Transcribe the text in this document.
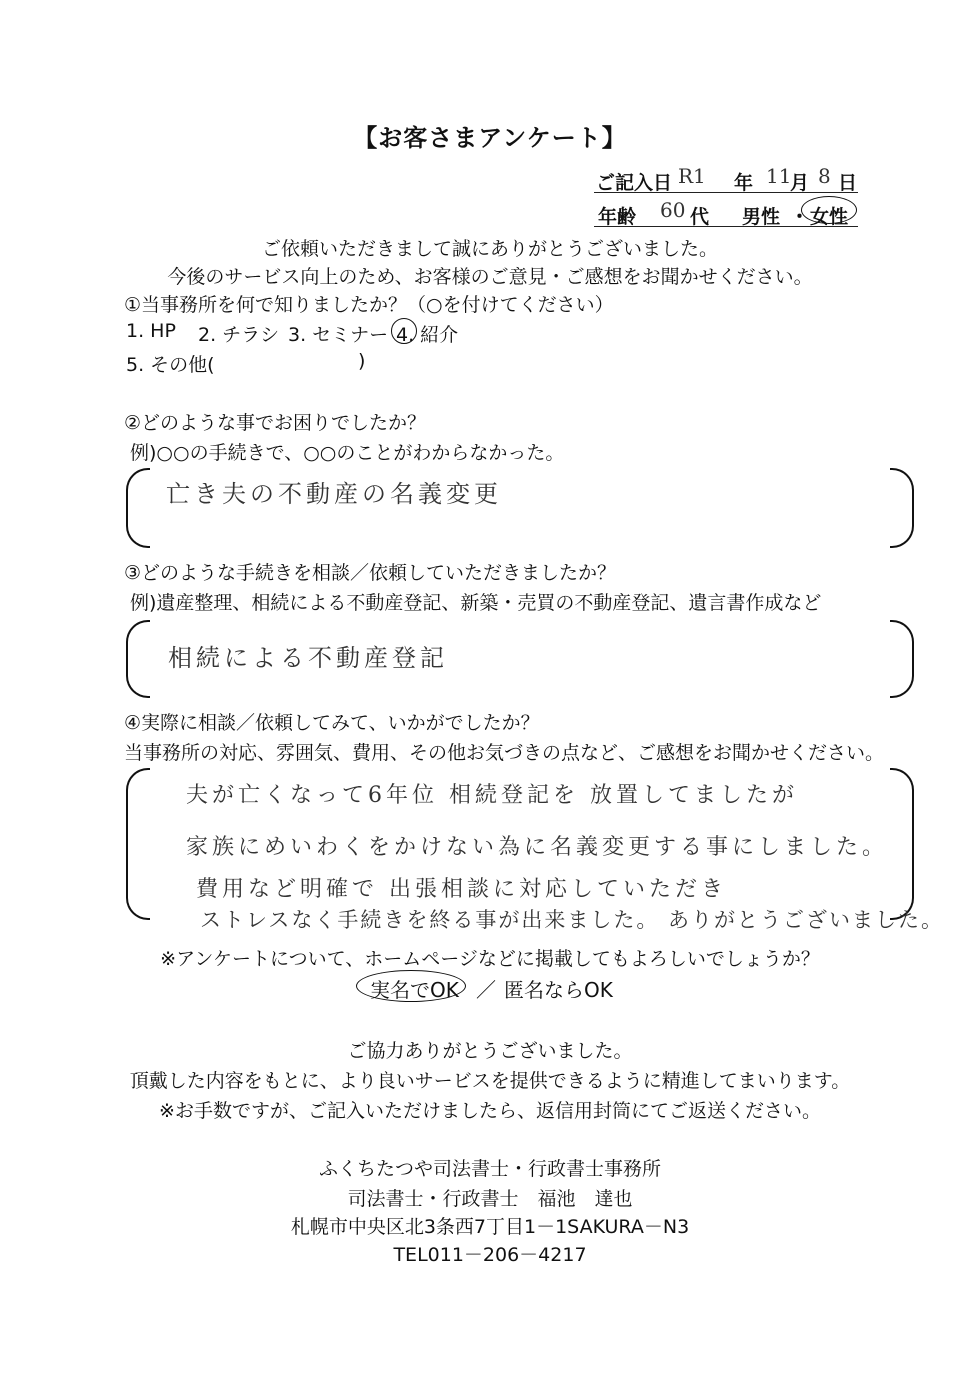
【お客さまアンケート】
ご記入日 R1 年 11
月 8 日
年齢 60 代 男性 ・ 女性
ご依頼いただきまして誠にありがとうございました。
今後のサービス向上のため、お客様のご意見・ご感想をお聞かせください。
①当事務所を何で知りましたか？（○を付けてください）
1. HP 2. チラシ 3. セミナー 4. 紹介
5. その他(	)
②どのような事でお困りでしたか？
例)○○の手続きで、○○のことがわからなかった。
亡き夫の不動産の名義変更
③どのような手続きを相談／依頼していただきましたか？
例)遺産整理、相続による不動産登記、新築・売買の不動産登記、遺言書作成など
相続による不動産登記
④実際に相談／依頼してみて、いかがでしたか？
当事務所の対応、雰囲気、費用、その他お気づきの点など、ご感想をお聞かせください。
夫が亡くなって6年位 相続登記を 放置してましたが
家族にめいわくをかけない為に名義変更する事にしました。
費用など明確で 出張相談に対応していただき
ストレスなく手続きを終る事が出来ました。 ありがとうございました。
※アンケートについて、ホームページなどに掲載してもよろしいでしょうか？
実名でOK ／ 匿名ならOK
ご協力ありがとうございました。
頂戴した内容をもとに、より良いサービスを提供できるように精進してまいります。
※お手数ですが、ご記入いただけましたら、返信用封筒にてご返送ください。
ふくちたつや司法書士・行政書士事務所
司法書士・行政書士　福池　達也
札幌市中央区北3条西7丁目1－1SAKURA－N3
TEL011－206－4217
